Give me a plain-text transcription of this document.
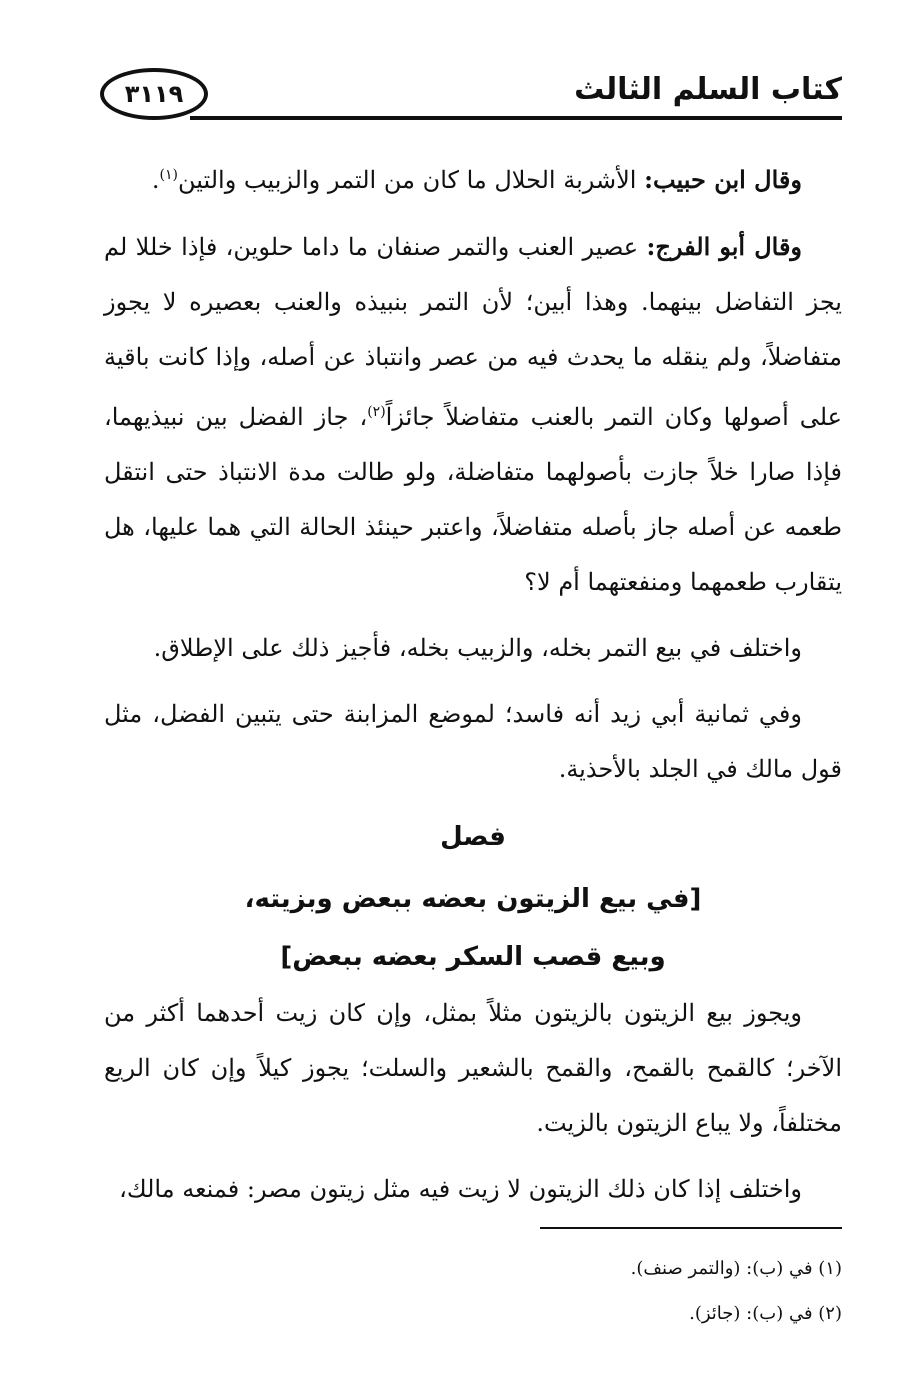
كتاب السلم الثالث
٣١١٩

وقال ابن حبيب: الأشربة الحلال ما كان من التمر والزبيب والتين$^{(١)}$.

وقال أبو الفرج: عصير العنب والتمر صنفان ما داما حلوين، فإذا خللا لم يجز التفاضل بينهما. وهذا أبين؛ لأن التمر بنبيذه والعنب بعصيره لا يجوز متفاضلاً، ولم ينقله ما يحدث فيه من عصر وانتباذ عن أصله، وإذا كانت باقية على أصولها وكان التمر بالعنب متفاضلاً جائزاً$^{(٢)}$، جاز الفضل بين نبيذيهما، فإذا صارا خلاً جازت بأصولهما متفاضلة، ولو طالت مدة الانتباذ حتى انتقل طعمه عن أصله جاز بأصله متفاضلاً، واعتبر حينئذ الحالة التي هما عليها، هل يتقارب طعمهما ومنفعتهما أم لا؟

واختلف في بيع التمر بخله، والزبيب بخله، فأجيز ذلك على الإطلاق.

وفي ثمانية أبي زيد أنه فاسد؛ لموضع المزابنة حتى يتبين الفضل، مثل قول مالك في الجلد بالأحذية.

فصل

[في بيع الزيتون بعضه ببعض وبزيته،

وبيع قصب السكر بعضه ببعض]

ويجوز بيع الزيتون بالزيتون مثلاً بمثل، وإن كان زيت أحدهما أكثر من الآخر؛ كالقمح بالقمح، والقمح بالشعير والسلت؛ يجوز كيلاً وإن كان الريع مختلفاً، ولا يباع الزيتون بالزيت.

واختلف إذا كان ذلك الزيتون لا زيت فيه مثل زيتون مصر: فمنعه مالك،

(١) في (ب): (والتمر صنف).

(٢) في (ب): (جائز).
